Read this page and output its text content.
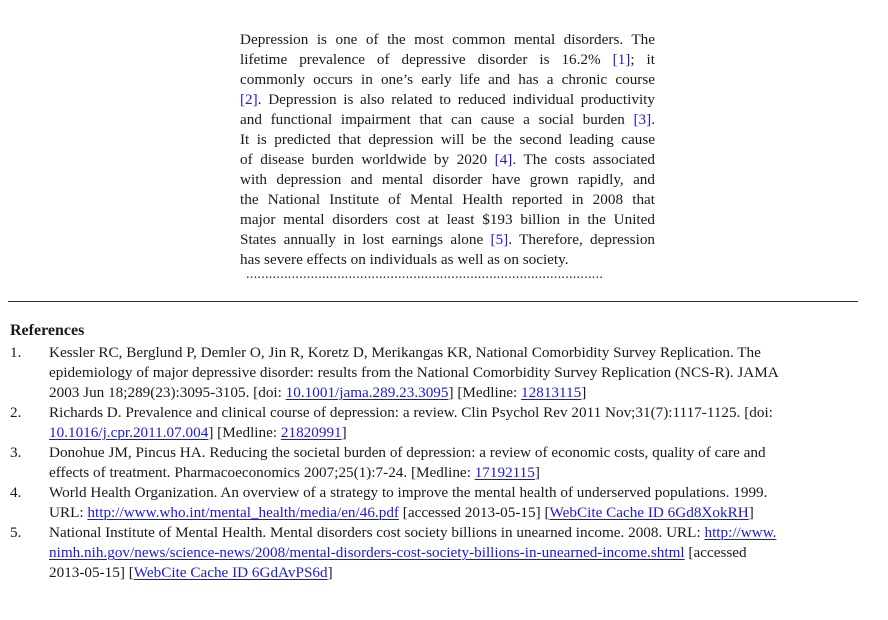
Depression is one of the most common mental disorders. The
lifetime prevalence of depressive disorder is 16.2% [1]; it
commonly occurs in one’s early life and has a chronic course
[2]. Depression is also related to reduced individual productivity
and functional impairment that can cause a social burden [3].
It is predicted that depression will be the second leading cause
of disease burden worldwide by 2020 [4]. The costs associated
with depression and mental disorder have grown rapidly, and
the National Institute of Mental Health reported in 2008 that
major mental disorders cost at least $193 billion in the United
States annually in lost earnings alone [5]. Therefore, depression
has severe effects on individuals as well as on society.
..............................................................................................
References
1. Kessler RC, Berglund P, Demler O, Jin R, Koretz D, Merikangas KR, National Comorbidity Survey Replication. The
epidemiology of major depressive disorder: results from the National Comorbidity Survey Replication (NCS-R). JAMA
2003 Jun 18;289(23):3095-3105. [doi: 10.1001/jama.289.23.3095] [Medline: 12813115]
2. Richards D. Prevalence and clinical course of depression: a review. Clin Psychol Rev 2011 Nov;31(7):1117-1125. [doi:
10.1016/j.cpr.2011.07.004] [Medline: 21820991]
3. Donohue JM, Pincus HA. Reducing the societal burden of depression: a review of economic costs, quality of care and
effects of treatment. Pharmacoeconomics 2007;25(1):7-24. [Medline: 17192115]
4. World Health Organization. An overview of a strategy to improve the mental health of underserved populations. 1999.
URL: http://www.who.int/mental_health/media/en/46.pdf [accessed 2013-05-15] [WebCite Cache ID 6Gd8XokRH]
5. National Institute of Mental Health. Mental disorders cost society billions in unearned income. 2008. URL: http://www.
nimh.nih.gov/news/science-news/2008/mental-disorders-cost-society-billions-in-unearned-income.shtml [accessed
2013-05-15] [WebCite Cache ID 6GdAvPS6d]
